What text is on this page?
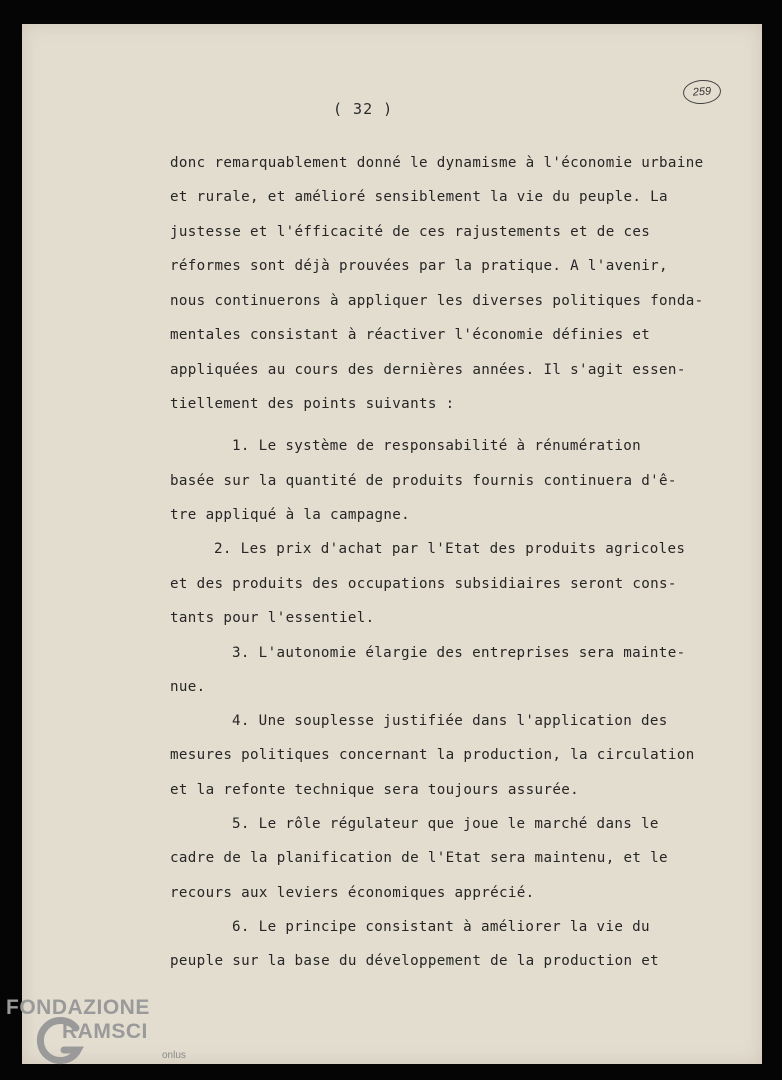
( 32 )
259
donc remarquablement donné le dynamisme à l'économie urbaine
et rurale, et amélioré sensiblement la vie du peuple. La
justesse et l'éfficacité de ces rajustements et de ces
réformes sont déjà prouvées par la pratique. A l'avenir,
nous continuerons à appliquer les diverses politiques fonda-
mentales consistant à réactiver l'économie définies et
appliquées au cours des dernières années. Il s'agit essen-
tiellement des points suivants :
1. Le système de responsabilité à rénumération
basée sur la quantité de produits fournis continuera d'ê-
tre appliqué à la campagne.
2. Les prix d'achat par l'Etat des produits agricoles
et des produits des occupations subsidiaires seront cons-
tants pour l'essentiel.
3. L'autonomie élargie des entreprises sera mainte-
nue.
4. Une souplesse justifiée dans l'application des
mesures politiques concernant la production, la circulation
et la refonte technique sera toujours assurée.
5. Le rôle régulateur que joue le marché dans le
cadre de la planification de l'Etat sera maintenu, et le
recours aux leviers économiques apprécié.
6. Le principe consistant à améliorer la vie du
peuple sur la base du développement de la production et
FONDAZIONE
RAMSCI
onlus
